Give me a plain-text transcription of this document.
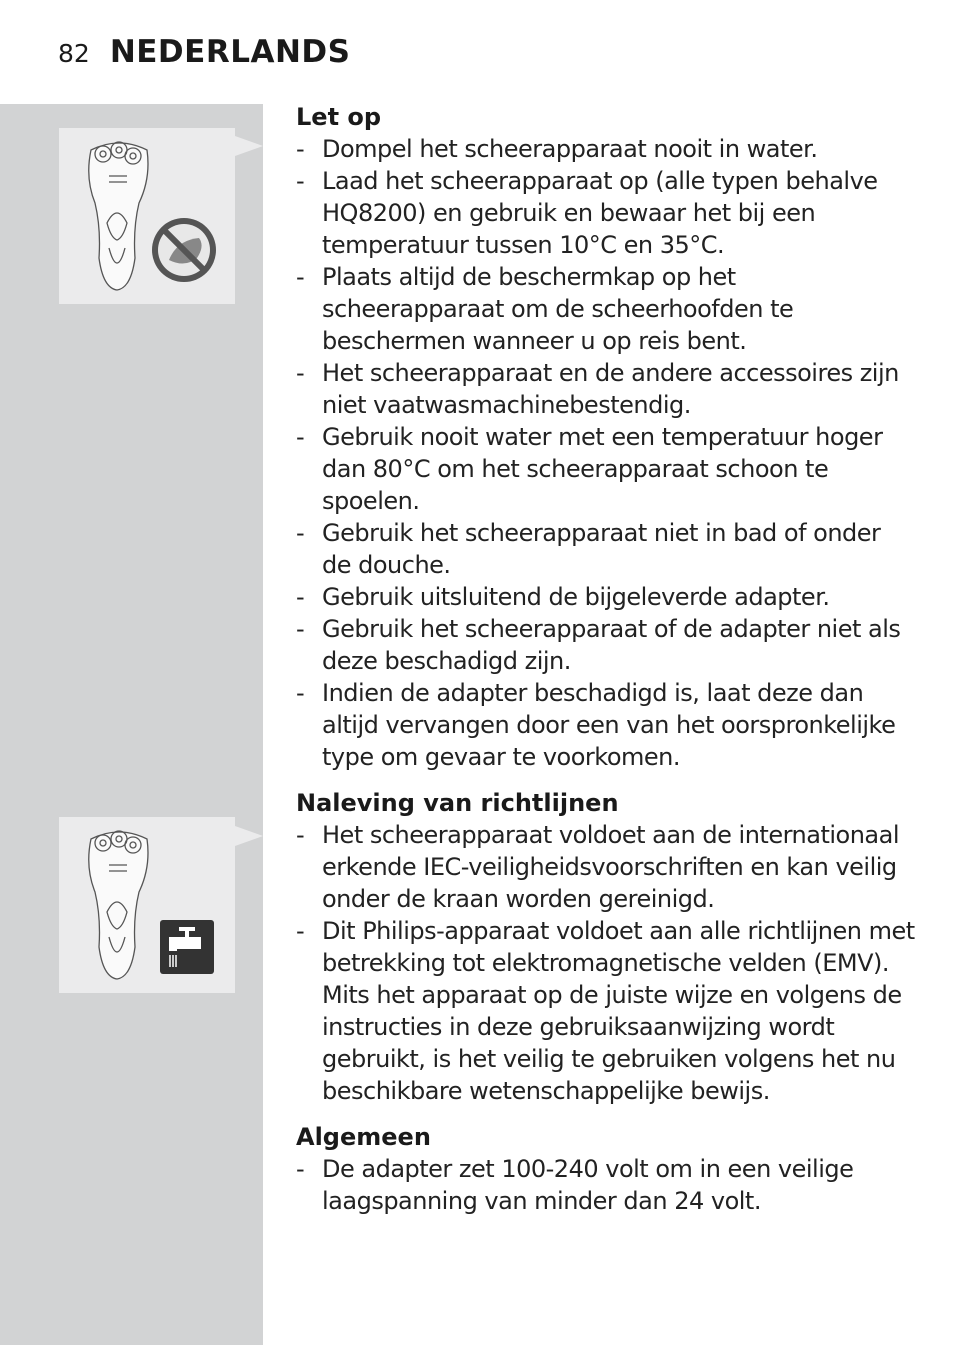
82 NEDERLANDS
Let op
- Dompel het scheerapparaat nooit in water.
- Laad het scheerapparaat op (alle typen behalve HQ8200) en gebruik en bewaar het bij een temperatuur tussen 10°C en 35°C.
- Plaats altijd de beschermkap op het scheerapparaat om de scheerhoofden te beschermen wanneer u op reis bent.
- Het scheerapparaat en de andere accessoires zijn niet vaatwasmachinebestendig.
- Gebruik nooit water met een temperatuur hoger dan 80°C om het scheerapparaat schoon te spoelen.
- Gebruik het scheerapparaat niet in bad of onder de douche.
- Gebruik uitsluitend de bijgeleverde adapter.
- Gebruik het scheerapparaat of de adapter niet als deze beschadigd zijn.
- Indien de adapter beschadigd is, laat deze dan altijd vervangen door een van het oorspronkelijke type om gevaar te voorkomen.
Naleving van richtlijnen
- Het scheerapparaat voldoet aan de internationaal erkende IEC-veiligheidsvoorschriften en kan veilig onder de kraan worden gereinigd.
- Dit Philips-apparaat voldoet aan alle richtlijnen met betrekking tot elektromagnetische velden (EMV). Mits het apparaat op de juiste wijze en volgens de instructies in deze gebruiksaanwijzing wordt gebruikt, is het veilig te gebruiken volgens het nu beschikbare wetenschappelijke bewijs.
Algemeen
- De adapter zet 100-240 volt om in een veilige laagspanning van minder dan 24 volt.
